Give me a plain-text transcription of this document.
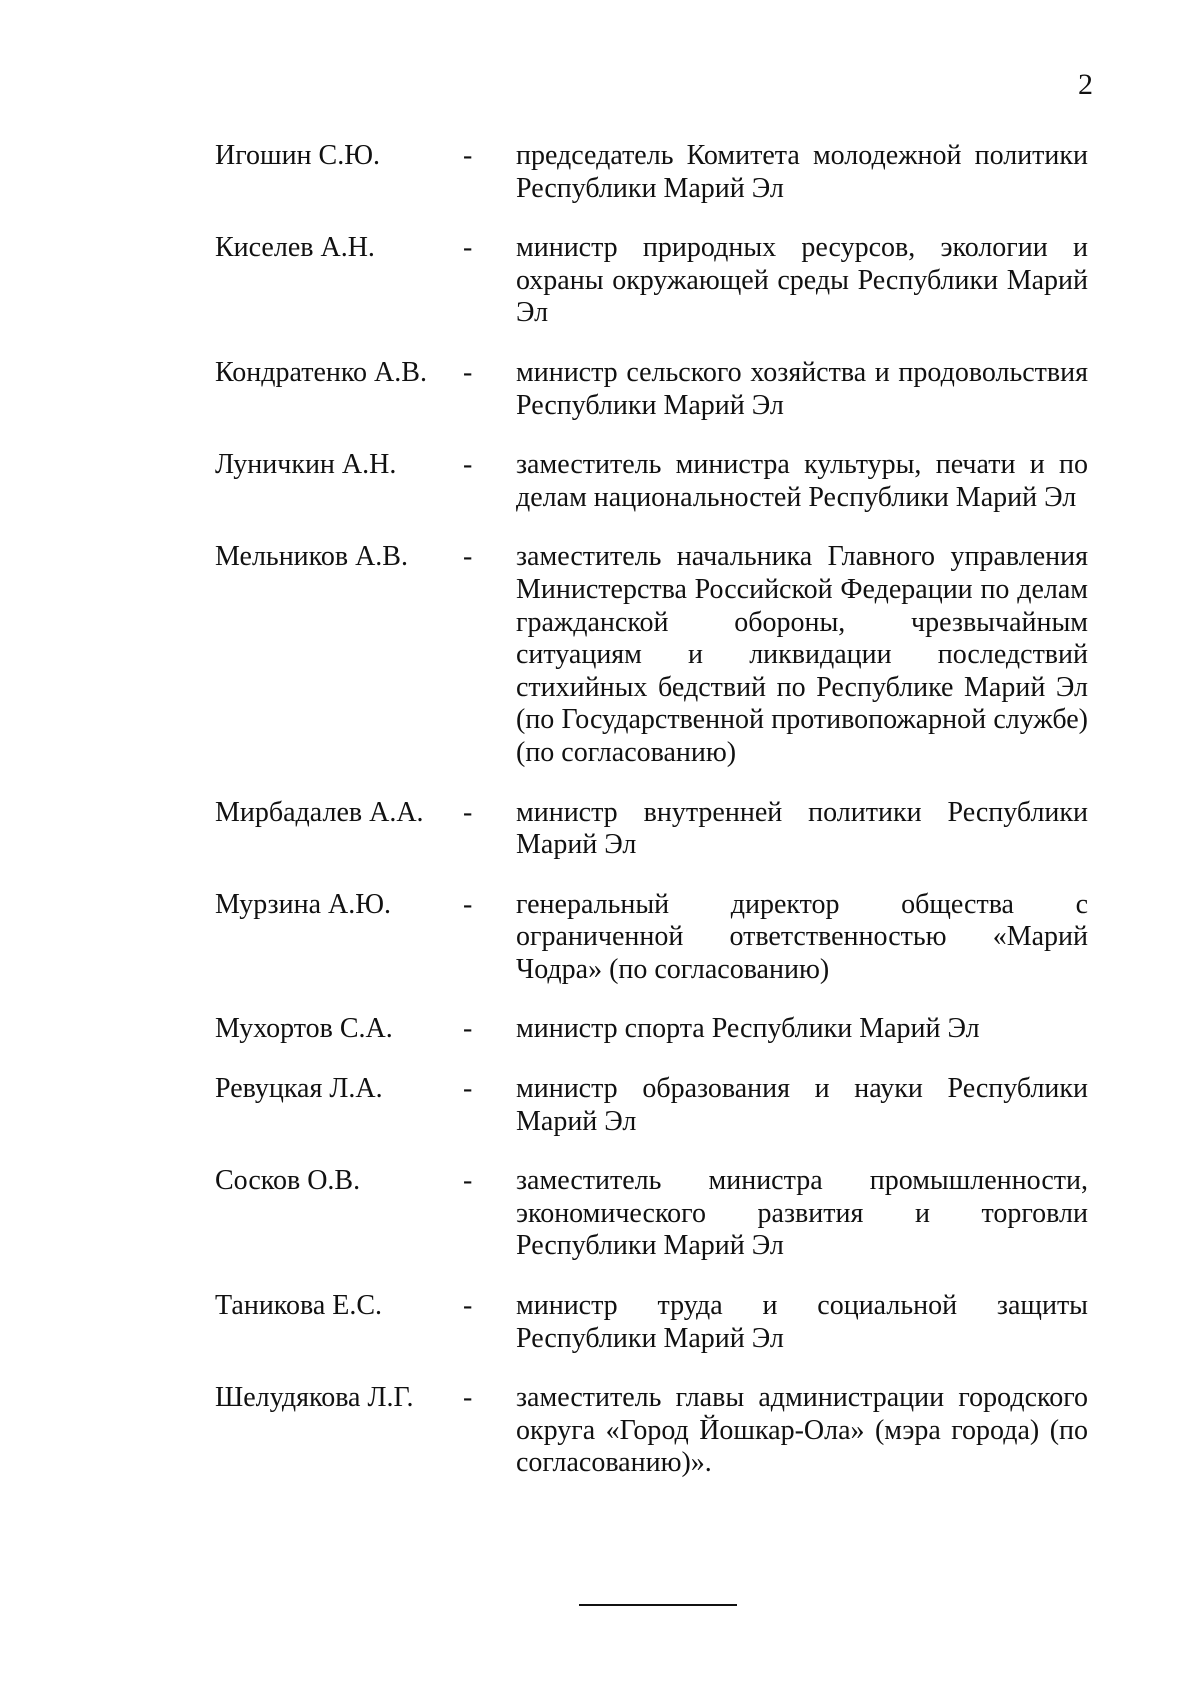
2
Игошин С.Ю.	- председатель Комитета молодежной политики Республики Марий Эл
Киселев А.Н.	- министр природных ресурсов, экологии и охраны окружающей среды Республики Марий Эл
Кондратенко А.В. - министр сельского хозяйства и продовольствия Республики Марий Эл
Луничкин А.Н. - заместитель министра культуры, печати и по делам национальностей Республики Марий Эл
Мельников А.В. - заместитель начальника Главного управления Министерства Российской Федерации по делам гражданской обороны, чрезвычайным ситуациям и ликвидации последствий стихийных бедствий по Республике Марий Эл (по Государственной противопожарной службе) (по согласованию)
Мирбадалев А.А. - министр внутренней политики Республики Марий Эл
Мурзина А.Ю.	- генеральный директор общества с ограниченной ответственностью «Марий Чодра» (по согласованию)
Мухортов С.А.	- министр спорта Республики Марий Эл
Ревуцкая Л.А.	- министр образования и науки Республики Марий Эл
Сосков О.В.	- заместитель министра промышленности, экономического развития и торговли Республики Марий Эл
Таникова Е.С.	- министр труда и социальной защиты Республики Марий Эл
Шелудякова Л.Г. - заместитель главы администрации городского округа «Город Йошкар-Ола» (мэра города) (по согласованию)».
